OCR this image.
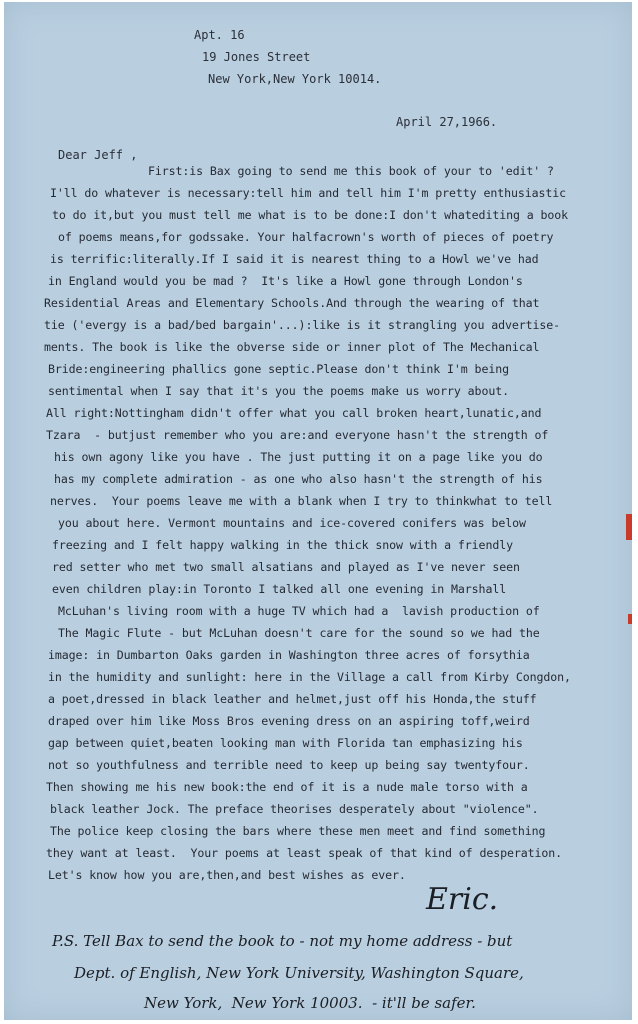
Apt. 16
19 Jones Street
New York,New York 10014.
April 27,1966.
Dear Jeff ,
First:is Bax going to send me this book of your to 'edit' ?
I'll do whatever is necessary:tell him and tell him I'm pretty enthusiastic
to do it,but you must tell me what is to be done:I don't whatediting a book
of poems means,for godssake. Your halfacrown's worth of pieces of poetry
is terrific:literally.If I said it is nearest thing to a Howl we've had
in England would you be mad ?  It's like a Howl gone through London's
Residential Areas and Elementary Schools.And through the wearing of that
tie ('evergy is a bad/bed bargain'...):like is it strangling you advertise-
ments. The book is like the obverse side or inner plot of The Mechanical
Bride:engineering phallics gone septic.Please don't think I'm being
sentimental when I say that it's you the poems make us worry about.
All right:Nottingham didn't offer what you call broken heart,lunatic,and
Tzara  - butjust remember who you are:and everyone hasn't the strength of
his own agony like you have . The just putting it on a page like you do
has my complete admiration - as one who also hasn't the strength of his
nerves.  Your poems leave me with a blank when I try to thinkwhat to tell
you about here. Vermont mountains and ice-covered conifers was below
freezing and I felt happy walking in the thick snow with a friendly
red setter who met two small alsatians and played as I've never seen
even children play:in Toronto I talked all one evening in Marshall
McLuhan's living room with a huge TV which had a  lavish production of
The Magic Flute - but McLuhan doesn't care for the sound so we had the
image: in Dumbarton Oaks garden in Washington three acres of forsythia
in the humidity and sunlight: here in the Village a call from Kirby Congdon,
a poet,dressed in black leather and helmet,just off his Honda,the stuff
draped over him like Moss Bros evening dress on an aspiring toff,weird
gap between quiet,beaten looking man with Florida tan emphasizing his
not so youthfulness and terrible need to keep up being say twentyfour.
Then showing me his new book:the end of it is a nude male torso with a
black leather Jock. The preface theorises desperately about "violence".
The police keep closing the bars where these men meet and find something
they want at least.  Your poems at least speak of that kind of desperation.
Let's know how you are,then,and best wishes as ever.
Eric.
P.S. Tell Bax to send the book to - not my home address - but
Dept. of English, New York University, Washington Square,
New York,  New York 10003.  - it'll be safer.
